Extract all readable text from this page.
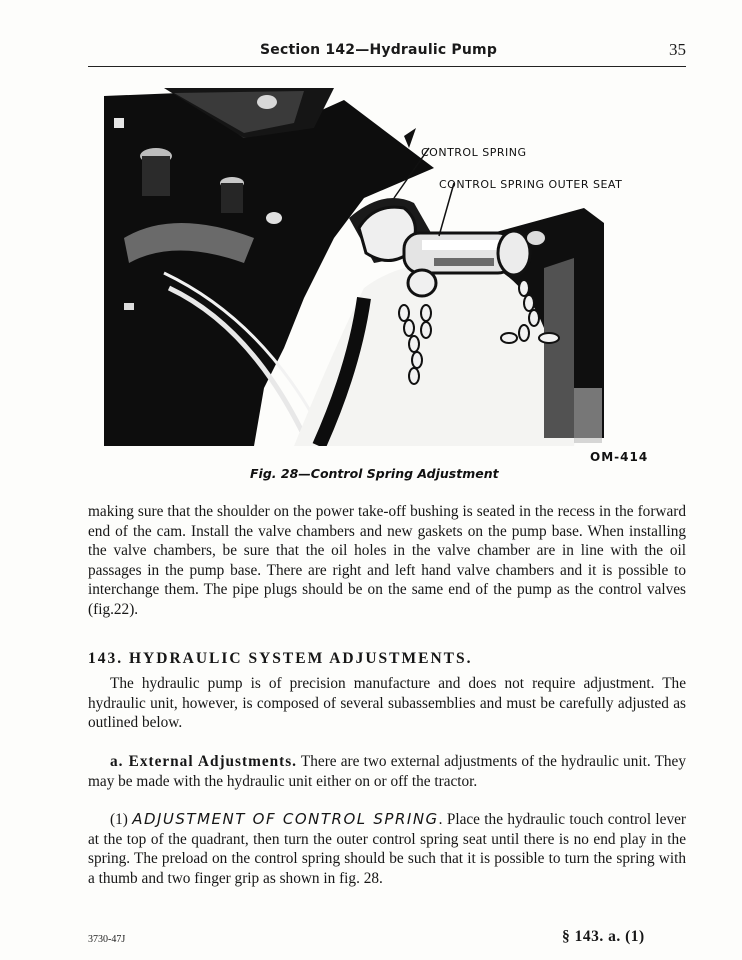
Section 142—Hydraulic Pump	35
CONTROL SPRING
CONTROL SPRING OUTER SEAT
OM-414
Fig. 28—Control Spring Adjustment

making sure that the shoulder on the power take-off bushing is seated in the recess in the forward end of the cam. Install the valve chambers and new gaskets on the pump base. When installing the valve chambers, be sure that the oil holes in the valve chamber are in line with the oil passages in the pump base. There are right and left hand valve chambers and it is possible to interchange them. The pipe plugs should be on the same end of the pump as the control valves (fig.22).

143. HYDRAULIC SYSTEM ADJUSTMENTS.

The hydraulic pump is of precision manufacture and does not require adjustment. The hydraulic unit, however, is composed of several subassemblies and must be carefully adjusted as outlined below.

a. External Adjustments. There are two external adjustments of the hydraulic unit. They may be made with the hydraulic unit either on or off the tractor.

(1) ADJUSTMENT OF CONTROL SPRING. Place the hydraulic touch control lever at the top of the quadrant, then turn the outer control spring seat until there is no end play in the spring. The preload on the control spring should be such that it is possible to turn the spring with a thumb and two finger grip as shown in fig. 28.

3730-47J	§ 143. a. (1)
